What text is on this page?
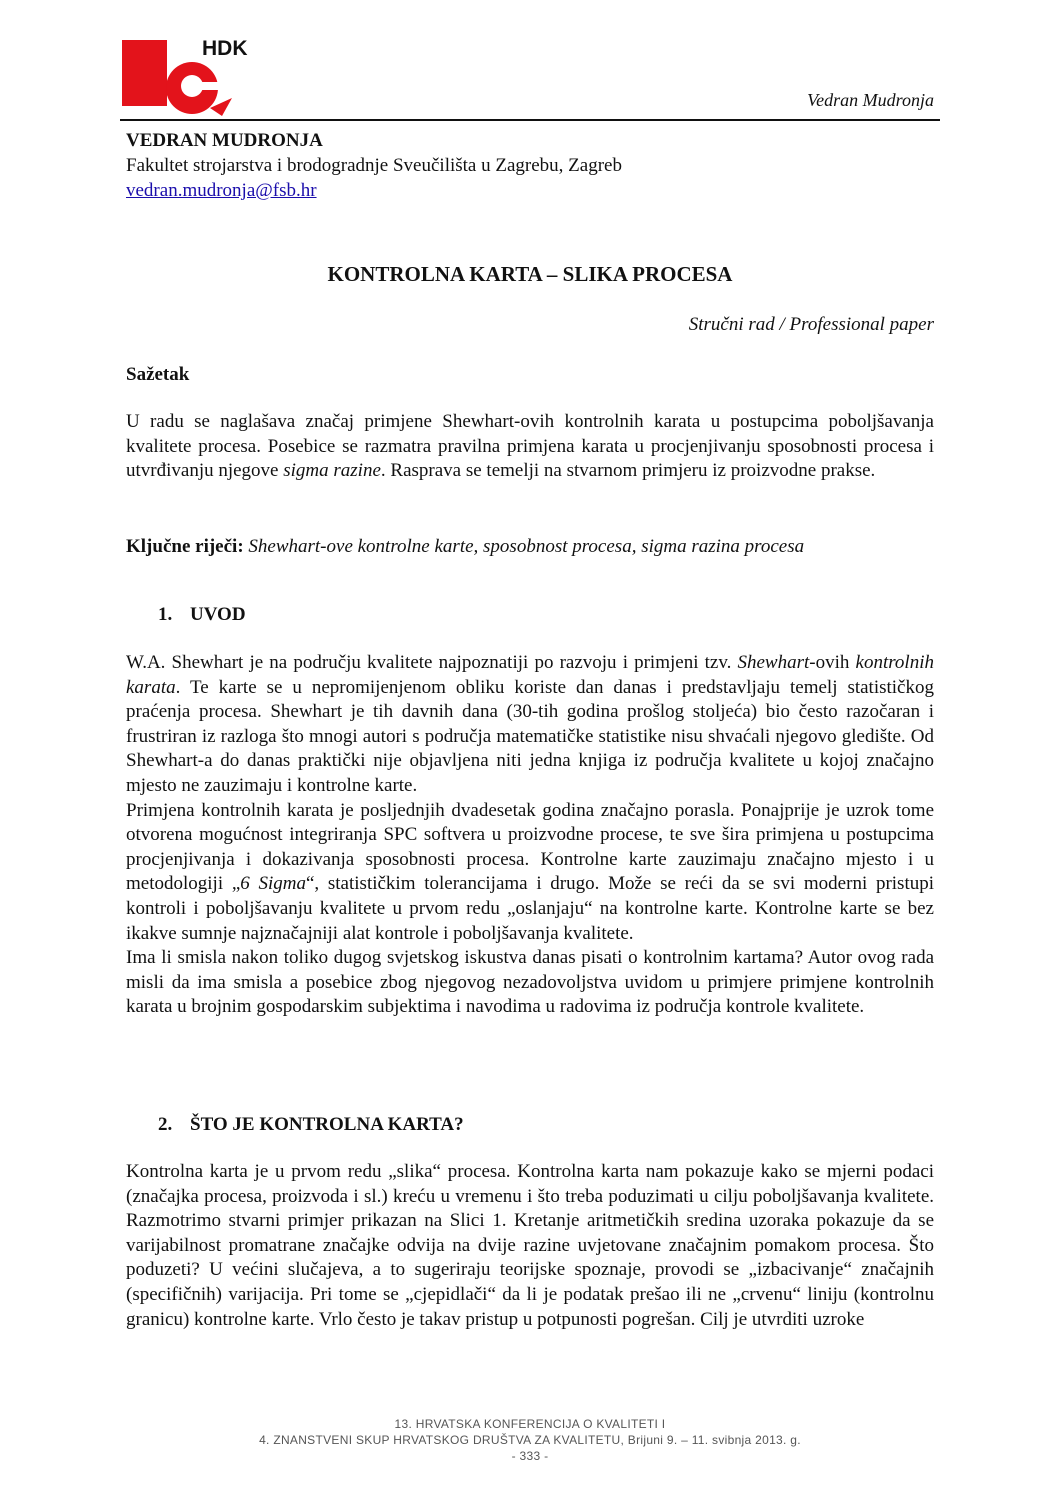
HDK
Vedran Mudronja
VEDRAN MUDRONJA
Fakultet strojarstva i brodogradnje Sveučilišta u Zagrebu, Zagreb
vedran.mudronja@fsb.hr
KONTROLNA KARTA – SLIKA PROCESA
Stručni rad / Professional paper
Sažetak

U radu se naglašava značaj primjene Shewhart-ovih kontrolnih karata u postupcima poboljšavanja kvalitete procesa. Posebice se razmatra pravilna primjena karata u procjenjivanju sposobnosti procesa i utvrđivanju njegove sigma razine. Rasprava se temelji na stvarnom primjeru iz proizvodne prakse.

Ključne riječi: Shewhart-ove kontrolne karte, sposobnost procesa, sigma razina procesa

1. UVOD

W.A. Shewhart je na području kvalitete najpoznatiji po razvoju i primjeni tzv. Shewhart-ovih kontrolnih karata. Te karte se u nepromijenjenom obliku koriste dan danas i predstavljaju temelj statističkog praćenja procesa. Shewhart je tih davnih dana (30-tih godina prošlog stoljeća) bio često razočaran i frustriran iz razloga što mnogi autori s područja matematičke statistike nisu shvaćali njegovo gledište. Od Shewhart-a do danas praktički nije objavljena niti jedna knjiga iz područja kvalitete u kojoj značajno mjesto ne zauzimaju i kontrolne karte.

Primjena kontrolnih karata je posljednjih dvadesetak godina značajno porasla. Ponajprije je uzrok tome otvorena mogućnost integriranja SPC softvera u proizvodne procese, te sve šira primjena u postupcima procjenjivanja i dokazivanja sposobnosti procesa. Kontrolne karte zauzimaju značajno mjesto i u metodologiji „6 Sigma“, statističkim tolerancijama i drugo. Može se reći da se svi moderni pristupi kontroli i poboljšavanju kvalitete u prvom redu „oslanjaju“ na kontrolne karte. Kontrolne karte se bez ikakve sumnje najznačajniji alat kontrole i poboljšavanja kvalitete.

Ima li smisla nakon toliko dugog svjetskog iskustva danas pisati o kontrolnim kartama? Autor ovog rada misli da ima smisla a posebice zbog njegovog nezadovoljstva uvidom u primjere primjene kontrolnih karata u brojnim gospodarskim subjektima i navodima u radovima iz područja kontrole kvalitete.

2. ŠTO JE KONTROLNA KARTA?

Kontrolna karta je u prvom redu „slika“ procesa. Kontrolna karta nam pokazuje kako se mjerni podaci (značajka procesa, proizvoda i sl.) kreću u vremenu i što treba poduzimati u cilju poboljšavanja kvalitete. Razmotrimo stvarni primjer prikazan na Slici 1. Kretanje aritmetičkih sredina uzoraka pokazuje da se varijabilnost promatrane značajke odvija na dvije razine uvjetovane značajnim pomakom procesa. Što poduzeti? U većini slučajeva, a to sugeriraju teorijske spoznaje, provodi se „izbacivanje“ značajnih (specifičnih) varijacija. Pri tome se „cjepidlači“ da li je podatak prešao ili ne „crvenu“ liniju (kontrolnu granicu) kontrolne karte. Vrlo često je takav pristup u potpunosti pogrešan. Cilj je utvrditi uzroke

13. HRVATSKA KONFERENCIJA O KVALITETI I
4. ZNANSTVENI SKUP HRVATSKOG DRUŠTVA ZA KVALITETU, Brijuni 9. – 11. svibnja 2013. g.
- 333 -
